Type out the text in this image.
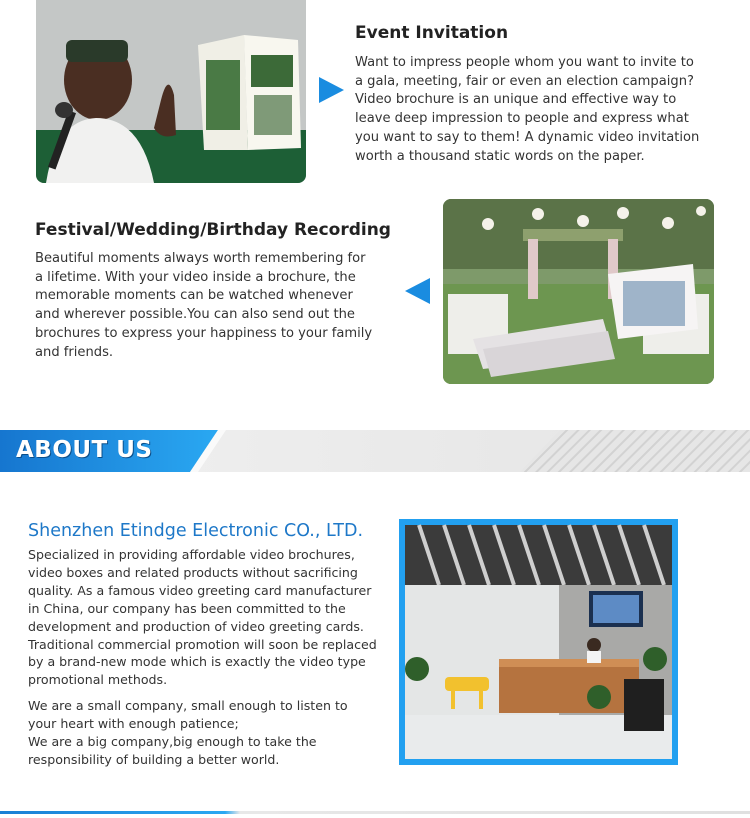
Event Invitation
Want to impress people whom you want to invite to
a gala, meeting, fair or even an election campaign?
Video brochure is an unique and effective way to
leave deep impression to people and express what
you want to say to them! A dynamic video invitation
worth a thousand static words on the paper.
Festival/Wedding/Birthday Recording
Beautiful moments always worth remembering for
a lifetime. With your video inside a brochure, the
memorable moments can be watched whenever
and wherever possible.You can also send out the
brochures to express your happiness to your family
and friends.
ABOUT US
Shenzhen Etindge Electronic CO., LTD.
Specialized in providing affordable video brochures,
video boxes and related products without sacrificing
quality. As a famous video greeting card manufacturer
in China, our company has been committed to the
development and production of video greeting cards.
Traditional commercial promotion will soon be replaced
by a brand-new mode which is exactly the video type
promotional methods.
We are a small company, small enough to listen to
your heart with enough patience;
We are a big company,big enough to take the
responsibility of building a better world.
